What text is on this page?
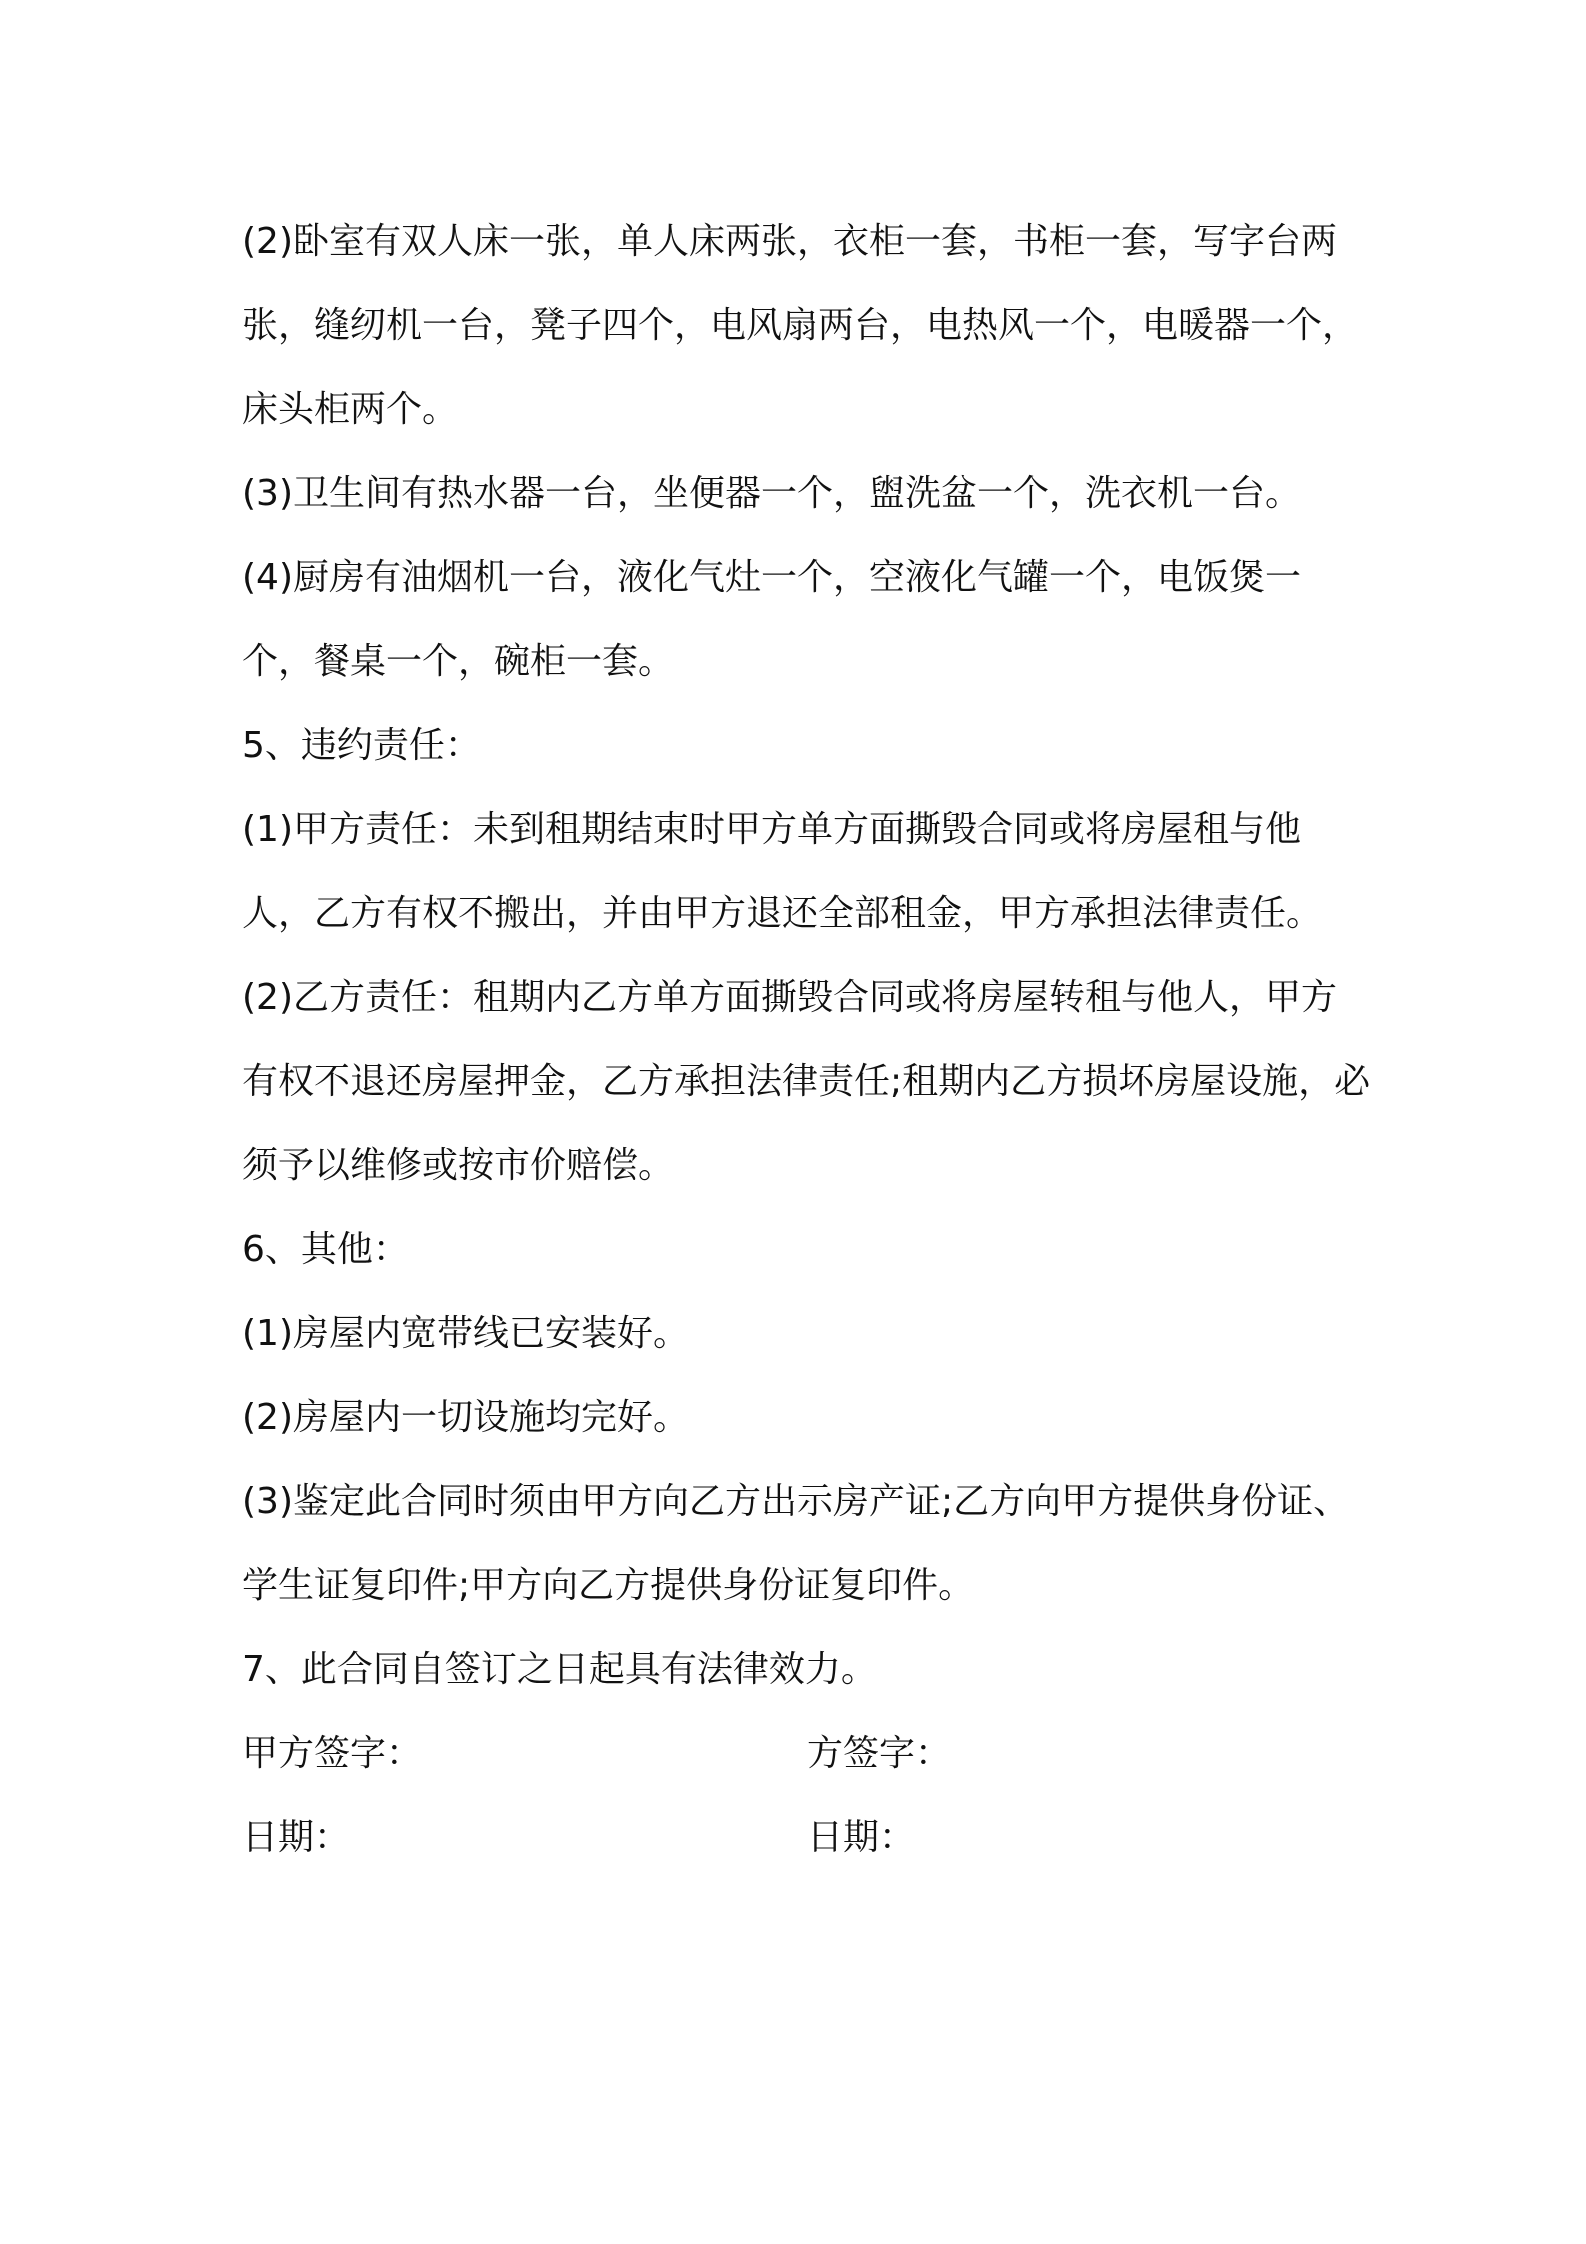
(2)卧室有双人床一张，单人床两张，衣柜一套，书柜一套，写字台两张，缝纫机一台，凳子四个，电风扇两台，电热风一个，电暖器一个，床头柜两个。

(3)卫生间有热水器一台，坐便器一个，盥洗盆一个，洗衣机一台。

(4)厨房有油烟机一台，液化气灶一个，空液化气罐一个，电饭煲一个，餐桌一个，碗柜一套。

5、违约责任：

(1)甲方责任：未到租期结束时甲方单方面撕毁合同或将房屋租与他人，乙方有权不搬出，并由甲方退还全部租金，甲方承担法律责任。

(2)乙方责任：租期内乙方单方面撕毁合同或将房屋转租与他人，甲方有权不退还房屋押金，乙方承担法律责任;租期内乙方损坏房屋设施，必须予以维修或按市价赔偿。

6、其他：

(1)房屋内宽带线已安装好。

(2)房屋内一切设施均完好。

(3)鉴定此合同时须由甲方向乙方出示房产证;乙方向甲方提供身份证、学生证复印件;甲方向乙方提供身份证复印件。

7、此合同自签订之日起具有法律效力。

甲方签字：	方签字：
日期：	日期：
